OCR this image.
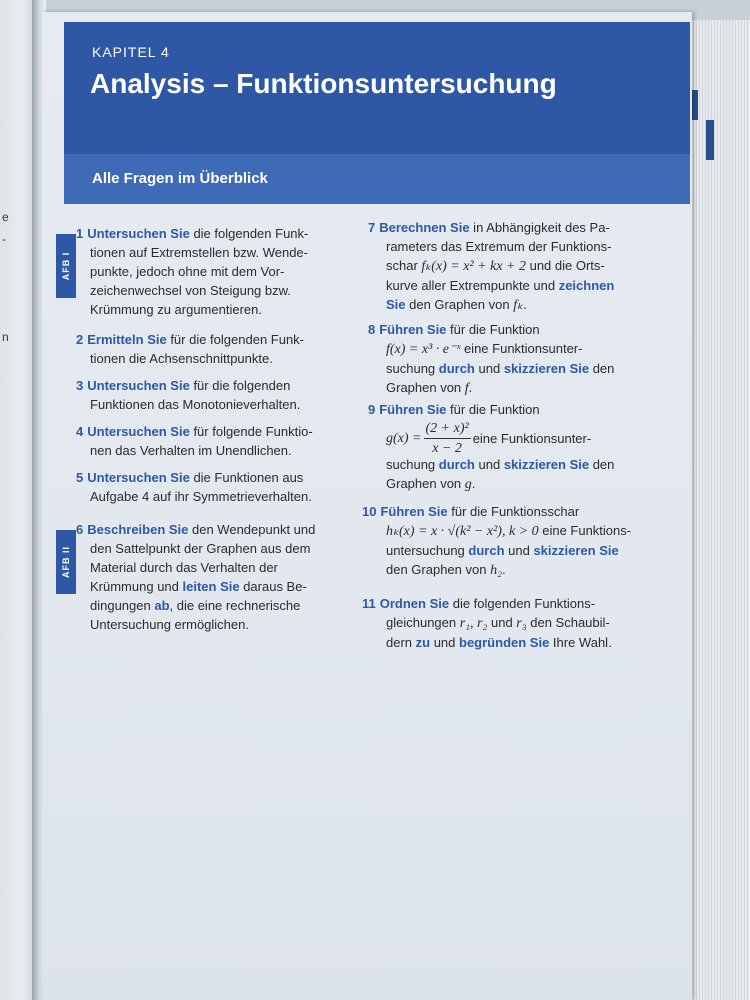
e
-
n
KAPITEL 4
Analysis – Funktionsuntersuchung
Alle Fragen im Überblick
AFB I
AFB II
1 Untersuchen Sie die folgenden Funk-
tionen auf Extremstellen bzw. Wende-
punkte, jedoch ohne mit dem Vor-
zeichenwechsel von Steigung bzw.
Krümmung zu argumentieren.
2 Ermitteln Sie für die folgenden Funk-
tionen die Achsenschnittpunkte.
3 Untersuchen Sie für die folgenden
Funktionen das Monotonieverhalten.
4 Untersuchen Sie für folgende Funktio-
nen das Verhalten im Unendlichen.
5 Untersuchen Sie die Funktionen aus
Aufgabe 4 auf ihr Symmetrieverhalten.
6 Beschreiben Sie den Wendepunkt und
den Sattelpunkt der Graphen aus dem
Material durch das Verhalten der
Krümmung und leiten Sie daraus Be-
dingungen ab, die eine rechnerische
Untersuchung ermöglichen.
7 Berechnen Sie in Abhängigkeit des Pa-
rameters das Extremum der Funktions-
schar fₖ(x) = x² + kx + 2 und die Orts-
kurve aller Extrempunkte und zeichnen
Sie den Graphen von fₖ.
8 Führen Sie für die Funktion
f(x) = x³ · e⁻ˣ eine Funktionsunter-
suchung durch und skizzieren Sie den
Graphen von f.
9 Führen Sie für die Funktion

$g(x) = \frac{\text{(2 + x)²}}{x - 2}$ eine Funktionsunter-
suchung durch und skizzieren Sie den
Graphen von g.
10 Führen Sie für die Funktionsschar
hₖ(x) = x · √(k² − x²), k > 0 eine Funktions-
untersuchung durch und skizzieren Sie
den Graphen von h₂.
11 Ordnen Sie die folgenden Funktions-
gleichungen r₁, r₂ und r₃ den Schaubil-
dern zu und begründen Sie Ihre Wahl.
